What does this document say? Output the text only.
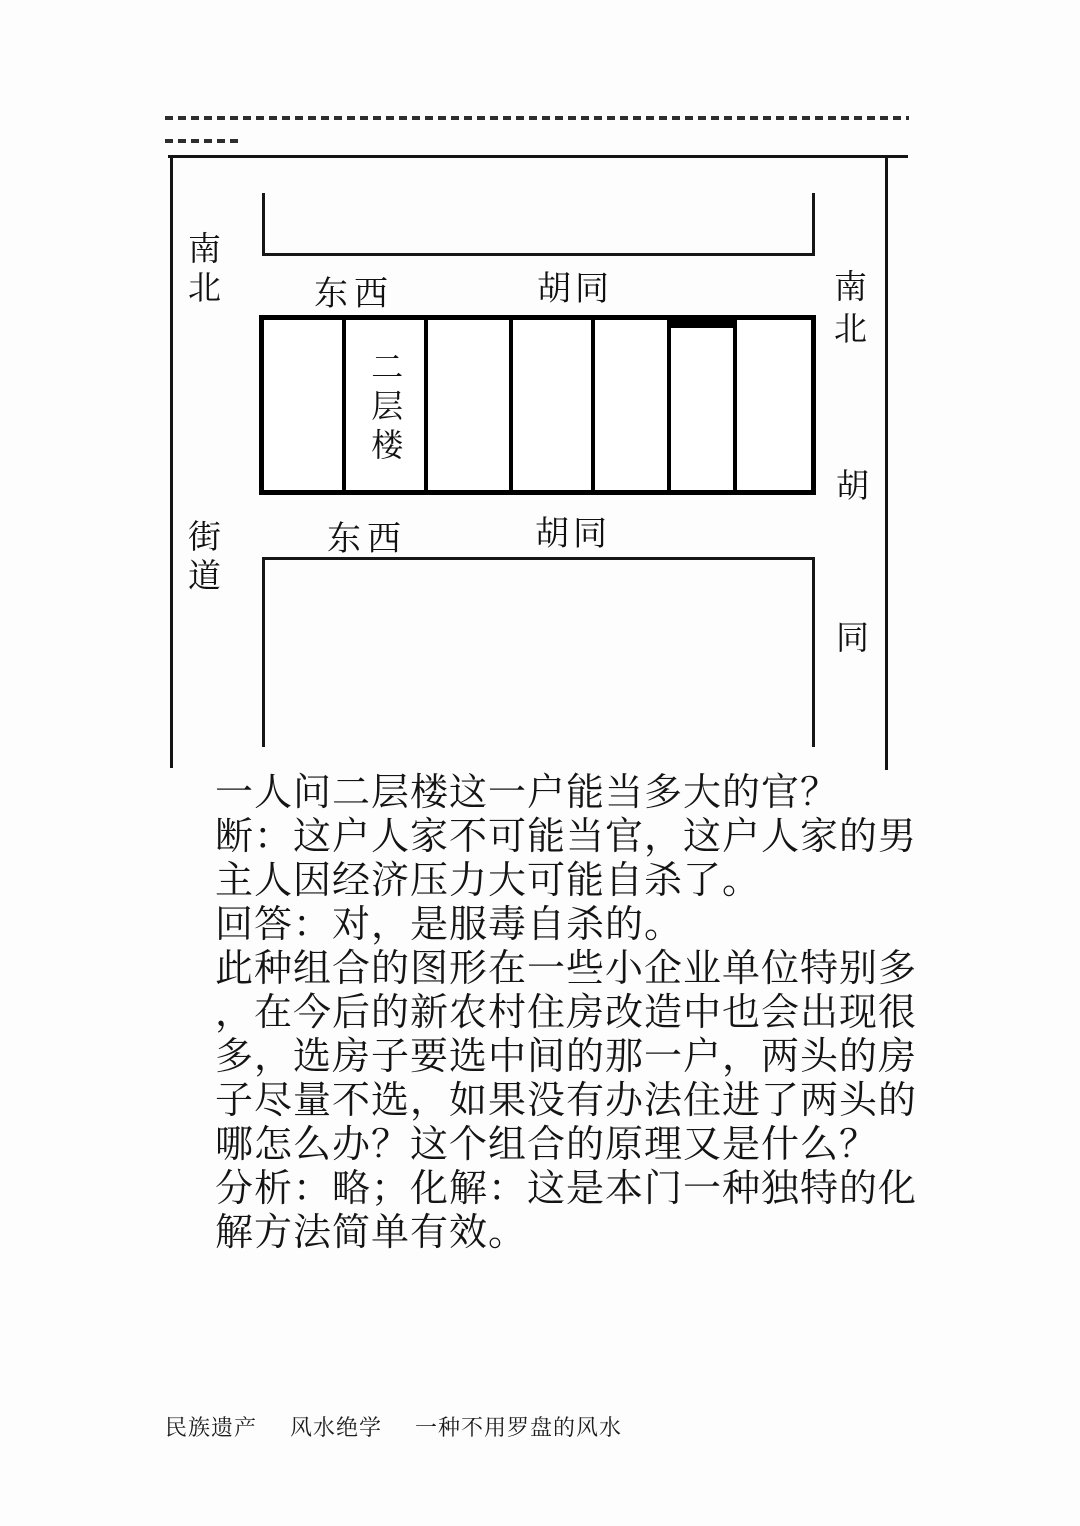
南北
街道
南北
胡
同
东西	胡同
二层楼
东西	胡同
一人问二层楼这一户能当多大的官？
断：这户人家不可能当官，这户人家的男
主人因经济压力大可能自杀了。
回答：对，是服毒自杀的。
此种组合的图形在一些小企业单位特别多
，在今后的新农村住房改造中也会出现很
多，选房子要选中间的那一户，两头的房
子尽量不选，如果没有办法住进了两头的
哪怎么办？这个组合的原理又是什么？
分析：略；化解：这是本门一种独特的化
解方法简单有效。
民族遗产 风水绝学 一种不用罗盘的风水
